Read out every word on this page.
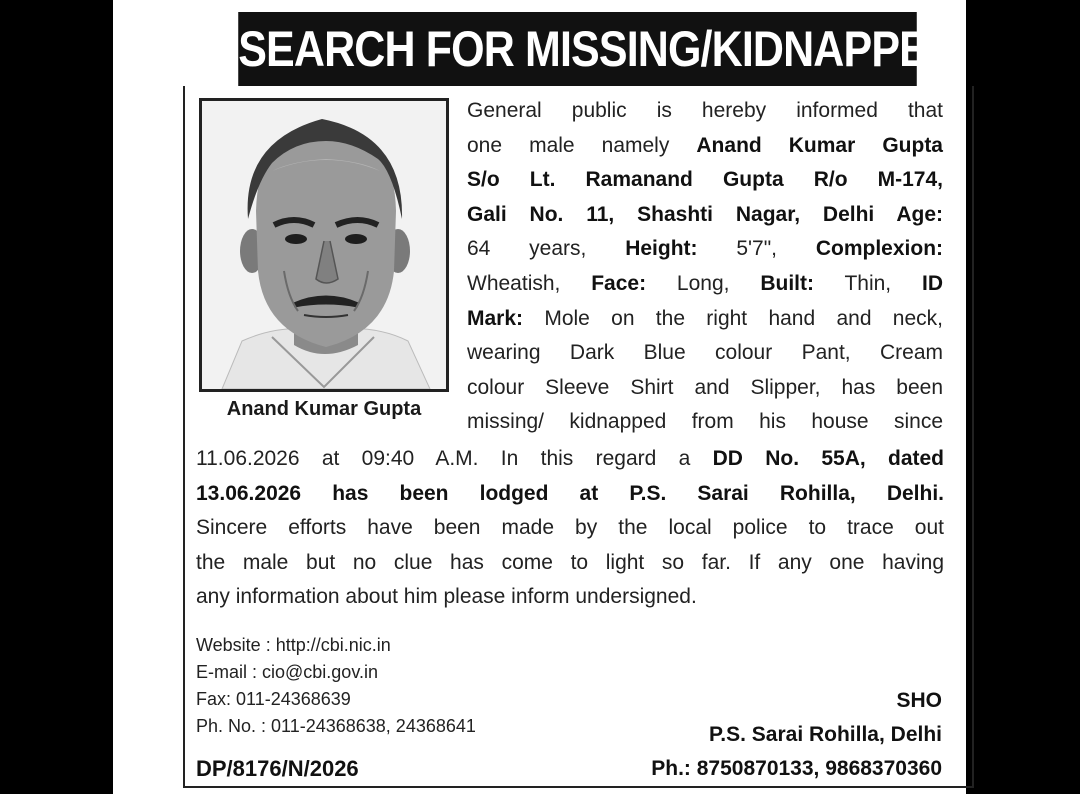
SEARCH FOR MISSING/KIDNAPPED
Anand Kumar Gupta
General public is hereby informed that
one male namely Anand Kumar Gupta
S/o Lt. Ramanand Gupta R/o M-174,
Gali No. 11, Shashti Nagar, Delhi Age:
64 years, Height: 5'7", Complexion:
Wheatish, Face: Long, Built: Thin, ID
Mark: Mole on the right hand and neck,
wearing Dark Blue colour Pant, Cream
colour Sleeve Shirt and Slipper, has been
missing/ kidnapped from his house since
11.06.2026 at 09:40 A.M. In this regard a DD No. 55A, dated
13.06.2026 has been lodged at P.S. Sarai Rohilla, Delhi.
Sincere efforts have been made by the local police to trace out
the male but no clue has come to light so far. If any one having
any information about him please inform undersigned.
Website : http://cbi.nic.in
E-mail : cio@cbi.gov.in
Fax: 011-24368639
Ph. No. : 011-24368638, 24368641
DP/8176/N/2026
SHO
P.S. Sarai Rohilla, Delhi
Ph.: 8750870133, 9868370360
